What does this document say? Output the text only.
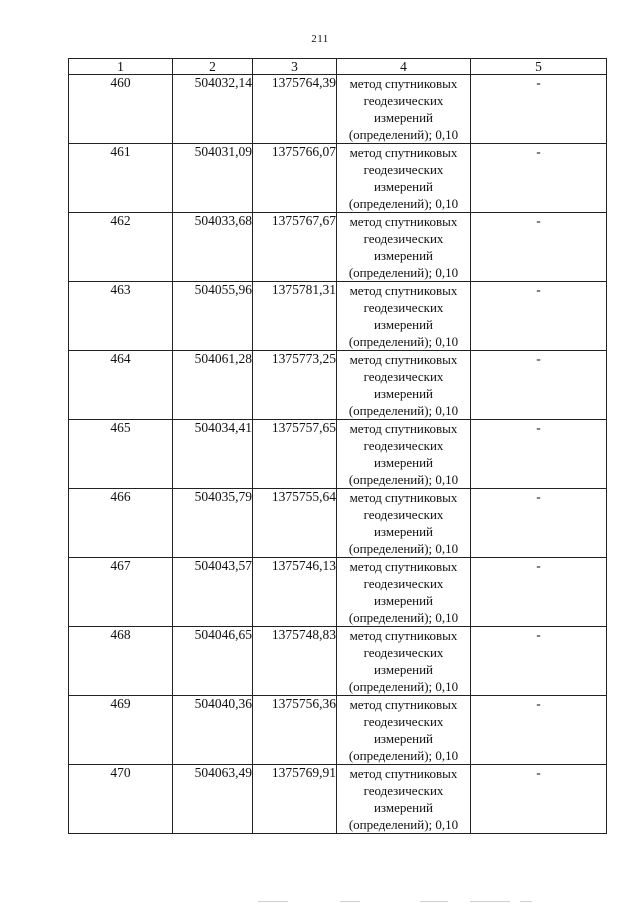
211
1	2	3	4	5
460	504032,14	1375764,39	метод спутниковых
геодезических
измерений
(определений); 0,10	-
461	504031,09	1375766,07	метод спутниковых
геодезических
измерений
(определений); 0,10	-
462	504033,68	1375767,67	метод спутниковых
геодезических
измерений
(определений); 0,10	-
463	504055,96	1375781,31	метод спутниковых
геодезических
измерений
(определений); 0,10	-
464	504061,28	1375773,25	метод спутниковых
геодезических
измерений
(определений); 0,10	-
465	504034,41	1375757,65	метод спутниковых
геодезических
измерений
(определений); 0,10	-
466	504035,79	1375755,64	метод спутниковых
геодезических
измерений
(определений); 0,10	-
467	504043,57	1375746,13	метод спутниковых
геодезических
измерений
(определений); 0,10	-
468	504046,65	1375748,83	метод спутниковых
геодезических
измерений
(определений); 0,10	-
469	504040,36	1375756,36	метод спутниковых
геодезических
измерений
(определений); 0,10	-
470	504063,49	1375769,91	метод спутниковых
геодезических
измерений
(определений); 0,10	-
